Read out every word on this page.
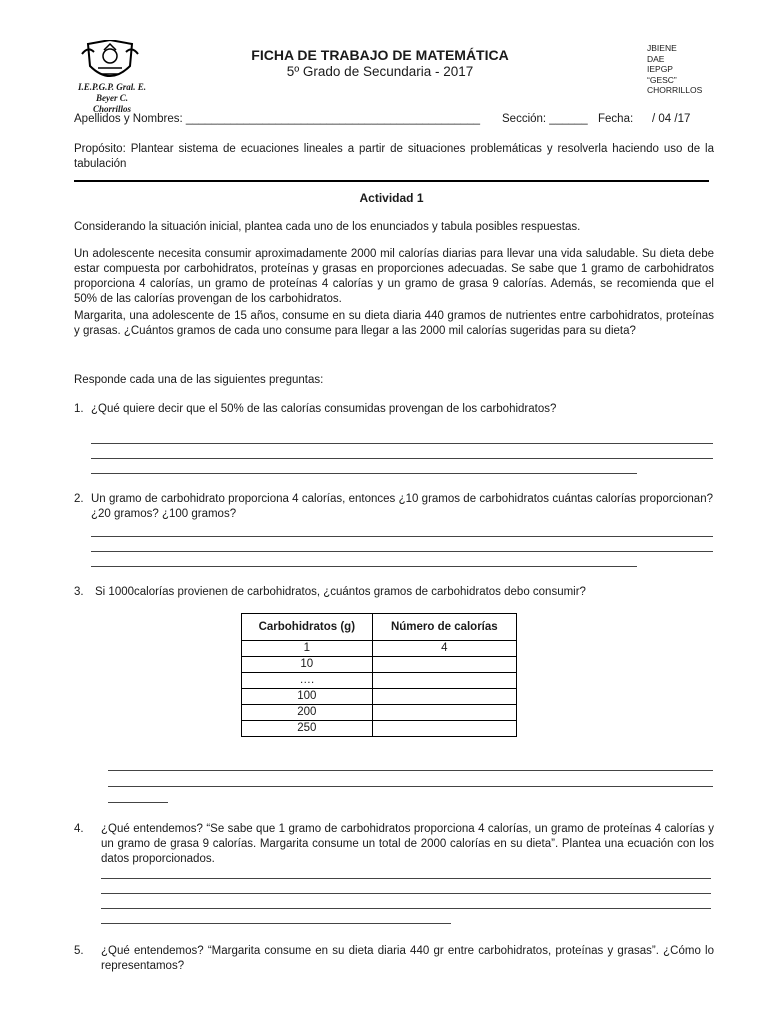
I.E.P.G.P. Gral. E. Beyer C.
Chorrillos
FICHA DE TRABAJO DE MATEMÁTICA
5º Grado de Secundaria - 2017
JBIENE
DAE
IEPGP
“GESC”
CHORRILLOS
Apellidos y Nombres: ______________________________________________ Sección: ______ Fecha: / 04 /17
Propósito: Plantear sistema de ecuaciones lineales a partir de situaciones problemáticas y resolverla haciendo uso de la tabulación
Actividad 1
Considerando la situación inicial, plantea cada uno de los enunciados y tabula posibles respuestas.
Un adolescente necesita consumir aproximadamente 2000 mil calorías diarias para llevar una vida saludable. Su dieta debe estar compuesta por carbohidratos, proteínas y grasas en proporciones adecuadas. Se sabe que 1 gramo de carbohidratos proporciona 4 calorías, un gramo de proteínas 4 calorías y un gramo de grasa 9 calorías. Además, se recomienda que el 50% de las calorías provengan de los carbohidratos.
Margarita, una adolescente de 15 años, consume en su dieta diaria 440 gramos de nutrientes entre carbohidratos, proteínas y grasas. ¿Cuántos gramos de cada uno consume para llegar a las 2000 mil calorías sugeridas para su dieta?
Responde cada una de las siguientes preguntas:
1. ¿Qué quiere decir que el 50% de las calorías consumidas provengan de los carbohidratos?
2. Un gramo de carbohidrato proporciona 4 calorías, entonces ¿10 gramos de carbohidratos cuántas calorías proporcionan?¿20 gramos? ¿100 gramos?
3. Si 1000calorías provienen de carbohidratos, ¿cuántos gramos de carbohidratos debo consumir?
Carbohidratos (g)	Número de calorías
1	4
10	
….	
100	
200	
250	
4. ¿Qué entendemos? “Se sabe que 1 gramo de carbohidratos proporciona 4 calorías, un gramo de proteínas 4 calorías y un gramo de grasa 9 calorías. Margarita consume un total de 2000 calorías en su dieta”. Plantea una ecuación con los datos proporcionados.
5. ¿Qué entendemos? “Margarita consume en su dieta diaria 440 gr entre carbohidratos, proteínas y grasas”. ¿Cómo lo representamos?
